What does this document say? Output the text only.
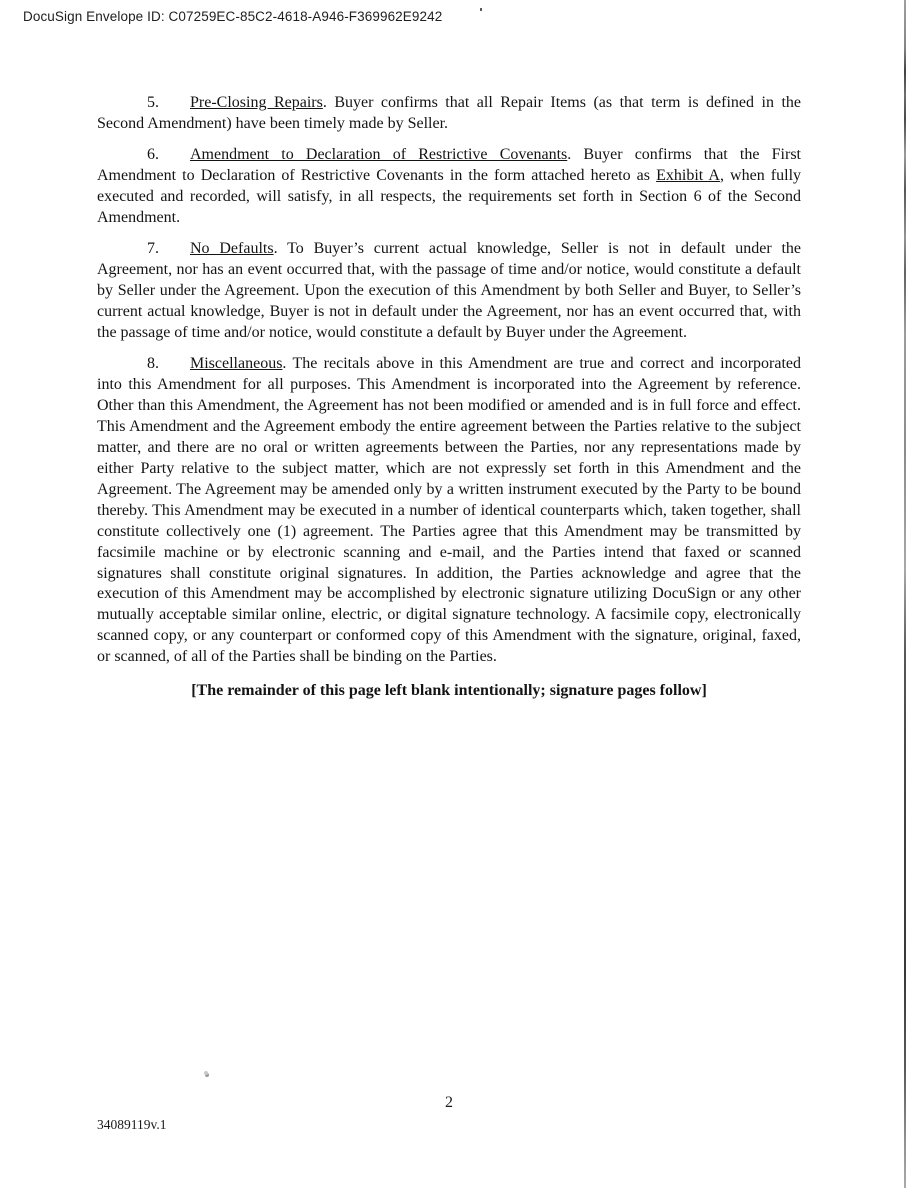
DocuSign Envelope ID: C07259EC-85C2-4618-A946-F369962E9242

5. Pre-Closing Repairs. Buyer confirms that all Repair Items (as that term is defined in the Second Amendment) have been timely made by Seller.

6. Amendment to Declaration of Restrictive Covenants. Buyer confirms that the First Amendment to Declaration of Restrictive Covenants in the form attached hereto as Exhibit A, when fully executed and recorded, will satisfy, in all respects, the requirements set forth in Section 6 of the Second Amendment.

7. No Defaults. To Buyer’s current actual knowledge, Seller is not in default under the Agreement, nor has an event occurred that, with the passage of time and/or notice, would constitute a default by Seller under the Agreement. Upon the execution of this Amendment by both Seller and Buyer, to Seller’s current actual knowledge, Buyer is not in default under the Agreement, nor has an event occurred that, with the passage of time and/or notice, would constitute a default by Buyer under the Agreement.

8. Miscellaneous. The recitals above in this Amendment are true and correct and incorporated into this Amendment for all purposes. This Amendment is incorporated into the Agreement by reference. Other than this Amendment, the Agreement has not been modified or amended and is in full force and effect. This Amendment and the Agreement embody the entire agreement between the Parties relative to the subject matter, and there are no oral or written agreements between the Parties, nor any representations made by either Party relative to the subject matter, which are not expressly set forth in this Amendment and the Agreement. The Agreement may be amended only by a written instrument executed by the Party to be bound thereby. This Amendment may be executed in a number of identical counterparts which, taken together, shall constitute collectively one (1) agreement. The Parties agree that this Amendment may be transmitted by facsimile machine or by electronic scanning and e-mail, and the Parties intend that faxed or scanned signatures shall constitute original signatures. In addition, the Parties acknowledge and agree that the execution of this Amendment may be accomplished by electronic signature utilizing DocuSign or any other mutually acceptable similar online, electric, or digital signature technology. A facsimile copy, electronically scanned copy, or any counterpart or conformed copy of this Amendment with the signature, original, faxed, or scanned, of all of the Parties shall be binding on the Parties.

[The remainder of this page left blank intentionally; signature pages follow]

2
34089119v.1
